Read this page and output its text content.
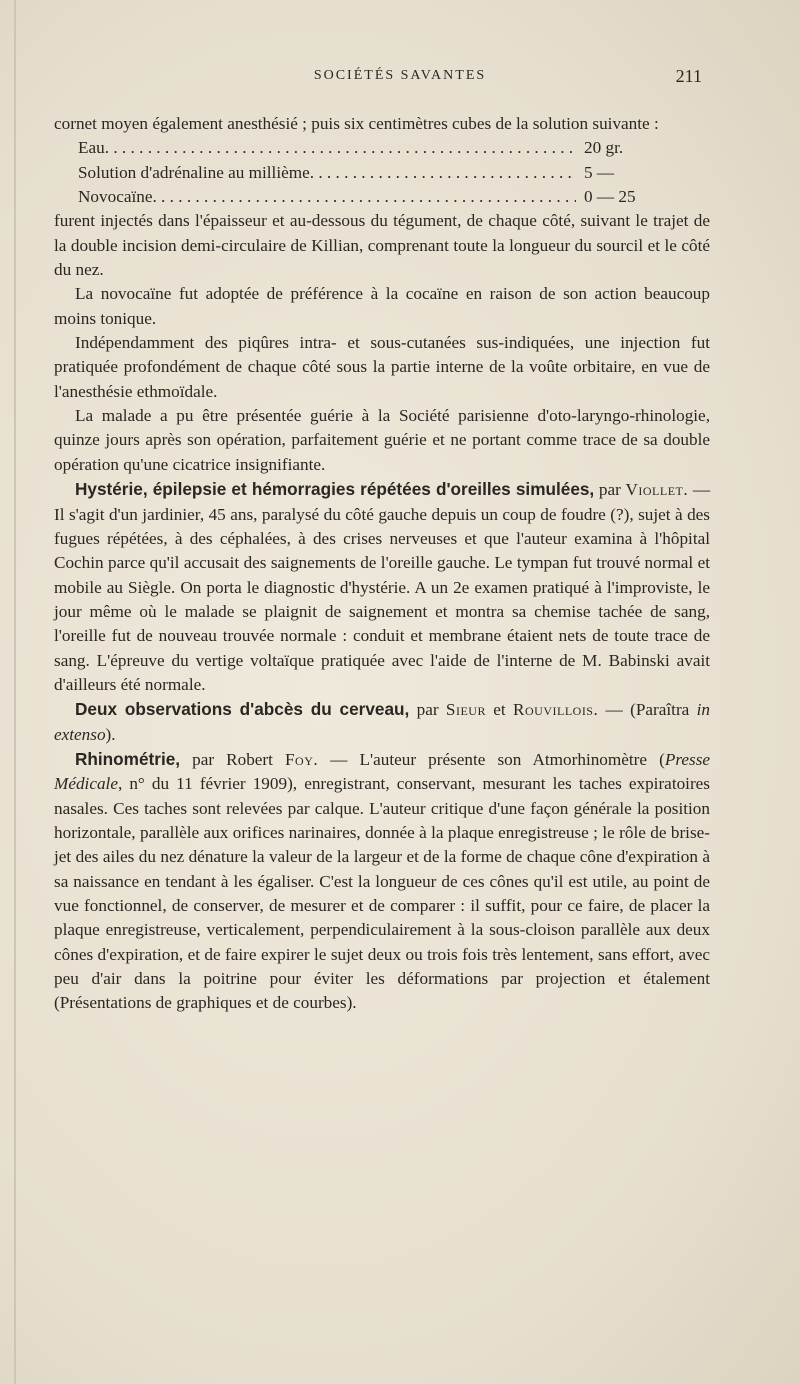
SOCIÉTÉS SAVANTES	211

cornet moyen également anesthésié ; puis six centimètres cubes de la solution suivante :

Eau . . .	20 gr.
Solution d'adrénaline au millième . . .	5 —
Novocaïne . . .	0 — 25

furent injectés dans l'épaisseur et au-dessous du tégument, de chaque côté, suivant le trajet de la double incision demi-circulaire de Killian, comprenant toute la longueur du sourcil et le côté du nez.

La novocaïne fut adoptée de préférence à la cocaïne en raison de son action beaucoup moins tonique.

Indépendamment des piqûres intra- et sous-cutanées sus-indiquées, une injection fut pratiquée profondément de chaque côté sous la partie interne de la voûte orbitaire, en vue de l'anesthésie ethmoïdale.

La malade a pu être présentée guérie à la Société parisienne d'oto-laryngo-rhinologie, quinze jours après son opération, parfaitement guérie et ne portant comme trace de sa double opération qu'une cicatrice insignifiante.

Hystérie, épilepsie et hémorragies répétées d'oreilles simulées, par Viollet. — Il s'agit d'un jardinier, 45 ans, paralysé du côté gauche depuis un coup de foudre (?), sujet à des fugues répétées, à des céphalées, à des crises nerveuses et que l'auteur examina à l'hôpital Cochin parce qu'il accusait des saignements de l'oreille gauche. Le tympan fut trouvé normal et mobile au Siègle. On porta le diagnostic d'hystérie. A un 2e examen pratiqué à l'improviste, le jour même où le malade se plaignit de saignement et montra sa chemise tachée de sang, l'oreille fut de nouveau trouvée normale : conduit et membrane étaient nets de toute trace de sang. L'épreuve du vertige voltaïque pratiquée avec l'aide de l'interne de M. Babinski avait d'ailleurs été normale.

Deux observations d'abcès du cerveau, par Sieur et Rouvillois. — (Paraîtra in extenso).

Rhinométrie, par Robert Foy. — L'auteur présente son Atmorhinomètre (Presse Médicale, n° du 11 février 1909), enregistrant, conservant, mesurant les taches expiratoires nasales. Ces taches sont relevées par calque. L'auteur critique d'une façon générale la position horizontale, parallèle aux orifices narinaires, donnée à la plaque enregistreuse ; le rôle de brise-jet des ailes du nez dénature la valeur de la largeur et de la forme de chaque cône d'expiration à sa naissance en tendant à les égaliser. C'est la longueur de ces cônes qu'il est utile, au point de vue fonctionnel, de conserver, de mesurer et de comparer : il suffit, pour ce faire, de placer la plaque enregistreuse, verticalement, perpendiculairement à la sous-cloison parallèle aux deux cônes d'expiration, et de faire expirer le sujet deux ou trois fois très lentement, sans effort, avec peu d'air dans la poitrine pour éviter les déformations par projection et étalement (Présentations de graphiques et de courbes).
